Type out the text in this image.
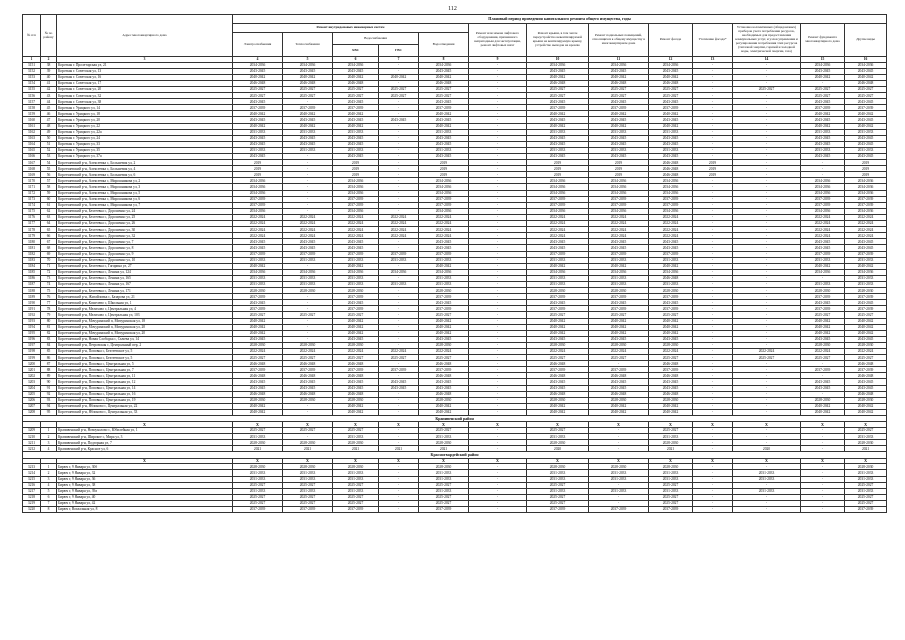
112
№ п/п	№ по району	Адрес многоквартирного дома	Плановый период проведения капитального ремонта общего имущества, годы												
			Ремонт внутридомовых инженерных систем					Ремонт или замена лифтового оборудования, признанного непригодным для эксплуатации, ремонт лифтовых шахт	Ремонт крыши, в том числе переустройство невентилируемой крыши на вентилируемую крышу, устройство выходов на кровлю	Ремонт подвальных помещений, относящихся к общему имуществу в многоквартирном доме	Ремонт фасада	Утепление фасада*	Установка коллективных (общедомовых) приборов учета потребления ресурсов, необходимых для предоставления коммунальных услуг, и узлов управления и регулирования потребления этих ресурсов (тепловой энергии, горячей и холодной воды, электрической энергии, газа)	Ремонт фундамента многоквартирного дома	Другие виды
			Электроснабжения	Теплоснабжения	Водоснабжения		Водоотведения								
					ХВС	ГВС									
1	2	3	4	5	6	7	8	9	10	11	12	13	14	15	16
3151	38	Короткая г. Пролетарская ул, 21	2034-2036	2034-2036	2034-2036	-	2034-2036	-	2034-2036	2034-2036	2034-2036	-	-	2034-2036	2034-2036
3152	39	Короткая г. Советская ул, 13	2043-2045	2043-2045	2043-2045	-	2043-2045	-	2043-2045	2043-2045	2043-2045	-	-	2043-2045	2043-2045
3153	40	Короткая г. Советская ул, 16	2040-2042	2040-2042	2040-2042	2040-2042	2040-2042	-	2040-2042	2040-2042	2040-2042	-	-	2040-2042	2040-2042
3154	41	Короткая г. Советская ул, 17	2046-2048	2046-2048	2046-2048	-	2046-2048	-	2046-2048	2046-2048	2046-2048	-	-	-	2046-2048
3155	42	Короткая г. Советская ул, 20	2025-2027	2025-2027	2025-2027	2025-2027	2025-2027	-	2025-2027	2025-2027	2025-2027	-	2025-2027	2025-2027	2025-2027
3156	43	Короткая г. Советская ул, 32	2025-2027	2025-2027	2025-2027	2025-2027	2025-2027	-	2025-2027	2025-2027	2025-2027	-	-	2025-2027	2025-2027
3157	44	Короткая г. Советская ул, 38	2043-2045	-	2043-2045	-	2043-2045	-	2043-2045	2043-2045	2043-2045	-	-	2043-2045	2043-2045
3158	45	Короткая г. Урицкого ул, 14	2037-2039	2037-2039	2037-2039	-	2037-2039	-	2037-2039	2037-2039	2037-2039	-	-	2037-2039	2037-2039
3159	46	Короткая г. Урицкого ул, 18	2040-2042	2040-2042	2040-2042	-	2040-2042	-	2040-2042	2040-2042	2040-2042	-	-	2040-2042	2040-2042
3160	47	Короткая г. Урицкого ул, 20	2043-2045	2043-2045	2043-2045	2043-2045	2043-2045	-	2043-2045	2043-2045	2043-2045	-	-	2043-2045	2043-2045
3161	48	Короткая г. Урицкого ул, 22	2040-2042	2040-2042	2040-2042	-	2040-2042	-	2040-2042	2040-2042	2040-2042	-	-	2040-2042	2040-2042
3162	49	Короткая г. Урицкого ул, 22а	2031-2033	2031-2033	2031-2033	-	2031-2033	-	2031-2033	2031-2033	2031-2033	-	-	2031-2033	2031-2033
3163	50	Короткая г. Урицкого ул, 24	2043-2045	2043-2045	2043-2045	-	2043-2045	-	2043-2045	2043-2045	2043-2045	-	-	2043-2045	2043-2045
3164	51	Короткая г. Урицкого ул, 33	2043-2045	2043-2045	2043-2045	-	2043-2045	-	2043-2045	2043-2045	2043-2045	-	-	2043-2045	2043-2045
3165	52	Короткая г. Урицкого ул, 35	2031-2033	2031-2033	2031-2033	-	2031-2033	-	2031-2033	2031-2033	2031-2033	-	-	2031-2033	2031-2033
3166	53	Короткая г. Урицкого ул, 37а	2043-2045	-	2043-2045	-	2043-2045	-	2043-2045	2043-2045	2043-2045	-	-	2043-2045	2043-2045
3167	54	Коротчаевский р-н, Алексеевка с, Большевик ул, 2	2019	-	2019	-	2019	-	2019	2019	2046-2048	2019	-	-	2019
3168	55	Коротчаевский р-н, Алексеевка с, Большевик ул, 4	2019	-	2019	-	2019	-	2019	2019	2046-2048	2019	-	-	2019
3169	56	Коротчаевский р-н, Алексеевка с, Большевик ул, 6	2019	-	2019	-	2019	-	2019	2019	2046-2048	2019	-	-	2019
3170	57	Коротчаевский р-н, Алексеевка с, Мирошникова ул, 2	2034-2036	-	2034-2036	-	2034-2036	-	2034-2036	2034-2036	2034-2036	-	-	2034-2036	2034-2036
3171	58	Коротчаевский р-н, Алексеевка с, Мирошникова ул, 3	2034-2036	-	2034-2036	-	2034-2036	-	2034-2036	2034-2036	2034-2036	-	-	2034-2036	2034-2036
3172	59	Коротчаевский р-н, Алексеевка с, Мирошникова ул, 5	2034-2036	-	2034-2036	-	2034-2036	-	2034-2036	2034-2036	2034-2036	-	-	2034-2036	2034-2036
3173	60	Коротчаевский р-н, Алексеевка с, Мирошникова ул, 6	2037-2039	-	2037-2039	-	2037-2039	-	2037-2039	2037-2039	2037-2039	-	-	2037-2039	2037-2039
3174	61	Коротчаевский р-н, Алексеевка с, Мирошникова ул, 7	2037-2039	-	2037-2039	-	2037-2039	-	2037-2039	2037-2039	2037-2039	-	-	2037-2039	2037-2039
3175	62	Коротчаевский р-н, Бехтеевка с, Дорошенко ул, 24	2034-2036	-	2034-2036	-	2034-2036	-	2034-2036	2034-2036	2034-2036	-	-	2034-2036	2034-2036
3176	63	Коротчаевский р-н, Бехтеевка с, Дорошенко ул, 25	2022-2024	2022-2024	2022-2024	2022-2024	2022-2024	-	2022-2024	2022-2024	2022-2024	-	-	2022-2024	2022-2024
3177	64	Коротчаевский р-н, Бехтеевка с, Дорошенко ул, 26	2022-2024	2022-2024	2022-2024	2022-2024	2022-2024	-	2022-2024	2022-2024	2022-2024	-	-	2022-2024	2022-2024
3178	65	Коротчаевский р-н, Бехтеевка с, Дорошенко ул, 30	2022-2024	2022-2024	2022-2024	2022-2024	2022-2024	-	2022-2024	2022-2024	2022-2024	-	-	2022-2024	2022-2024
3179	66	Коротчаевский р-н, Бехтеевка с, Дорошенко ул, 32	2022-2024	2022-2024	2022-2024	2022-2024	2022-2024	-	2022-2024	2022-2024	2022-2024	-	-	2022-2024	2022-2024
3180	67	Коротчаевский р-н, Бехтеевка с, Дорошенко ул, 7	2043-2045	2043-2045	2043-2045	-	2043-2045	-	2043-2045	2043-2045	2043-2045	-	-	2043-2045	2043-2045
3181	68	Коротчаевский р-н, Бехтеевка с, Дорошенко ул, 8	2043-2045	2043-2045	2043-2045	-	2043-2045	-	2043-2045	2043-2045	2043-2045	-	-	2043-2045	2043-2045
3182	69	Коротчаевский р-н, Бехтеевка с, Дорошенко ул, 9	2037-2039	2037-2039	2037-2039	2037-2039	2037-2039	-	2037-2039	2037-2039	2037-2039	-	-	2037-2039	2037-2039
3183	70	Коротчаевский р-н, Бехтеевка с, Дорошенко ул, 10	2031-2033	2031-2033	2031-2033	2031-2033	2031-2033	-	2031-2033	2031-2033	2031-2033	-	-	2031-2033	2031-2033
3184	71	Коротчаевский р-н, Бехтеевка с, Гагарина ул, 27	2040-2042	-	2040-2042	-	2040-2042	-	2040-2042	2040-2042	2040-2042	-	-	2040-2042	2040-2042
3185	72	Коротчаевский р-н, Бехтеевка с, Ленина ул, 124	2034-2036	2034-2036	2034-2036	2034-2036	2034-2036	-	2034-2036	2034-2036	2034-2036	-	-	2034-2036	2034-2036
3186	73	Коротчаевский р-н, Бехтеевка с, Ленина ул, 165	2031-2033	2031-2033	2031-2033	-	2031-2033	-	2031-2033	2031-2033	2046-2048	-	-	-	2031-2033
3187	74	Коротчаевский р-н, Бехтеевка с, Ленина ул, 167	2031-2033	2031-2033	2031-2033	2031-2033	2031-2033	-	2031-2033	2031-2033	2031-2033	-	-	2031-2033	2031-2033
3188	75	Коротчаевский р-н, Бехтеевка с, Ленина ул, 171	2028-2030	2028-2030	2028-2030	-	2028-2030	-	2028-2030	2028-2030	2028-2030	-	-	2028-2030	2028-2030
3189	76	Коротчаевский р-н, Жигайловка с, Базарова ул, 21	2037-2039	-	2037-2039	-	2037-2039	-	2037-2039	2037-2039	2037-2039	-	-	2037-2039	2037-2039
3190	77	Коротчаевский р-н, Кошелево с, Школьная ул, 1	2043-2045	-	2043-2045	-	2043-2045	-	2043-2045	2043-2045	2043-2045	-	-	2043-2045	2043-2045
3191	78	Коротчаевский р-н, Мелихово с, Центральная ул, 4	2037-2039	-	2037-2039	-	2037-2039	-	2037-2039	2037-2039	2037-2039	-	-	2037-2039	2037-2039
3192	79	Коротчаевский р-н, Мелихово с, Центральная ул, 103	2025-2027	2025-2027	2025-2027	-	2025-2027	-	2025-2027	2025-2027	2025-2027	-	-	2025-2027	2025-2027
3193	80	Коротчаевский р-н, Мочуринский п, Мичуринская ул, 18	2040-2042	-	2040-2042	-	2040-2042	-	2040-2042	2040-2042	2040-2042	-	-	2040-2042	2040-2042
3194	81	Коротчаевский р-н, Мочуринский п, Мичуринская ул, 20	2040-2042	-	2040-2042	-	2040-2042	-	2040-2042	2040-2042	2040-2042	-	-	2040-2042	2040-2042
3195	82	Коротчаевский р-н, Мочуринский п, Мичуринская ул, 20	2040-2042	-	2040-2042	-	2040-2042	-	2040-2042	2040-2042	2040-2042	-	-	2040-2042	2040-2042
3196	83	Коротчаевский р-н, Новая Слободка с, Сычева ул, 14	2043-2045	-	2043-2045	-	2043-2045	-	2043-2045	2043-2045	2043-2045	-	-	2043-2045	2043-2045
3197	84	Коротчаевский р-н, Петровская с, Центральный пер, 2	2028-2030	2028-2030	2028-2030	-	2028-2030	-	2028-2030	2028-2030	2028-2030	-	-	2028-2030	2028-2030
3198	85	Коротчаевский р-н, Поповка с, Бехтеевское ул, 5	2022-2024	2022-2024	2022-2024	2022-2024	2022-2024	-	2022-2024	2022-2024	2022-2024	-	2022-2024	2022-2024	2022-2024
3199	86	Коротчаевский р-н, Поповка с, Бехтеевское ул, 5	2025-2027	2025-2027	2025-2027	2025-2027	2025-2027	-	2025-2027	2025-2027	2025-2027	-	2025-2027	2025-2027	2025-2027
3200	87	Коротчаевский р-н, Поповка с, Центральная ул, 5	2046-2048	2046-2048	2046-2048	-	2046-2048	-	2046-2048	-	2046-2048	-	-	-	2046-2048
3201	88	Коротчаевский р-н, Поповка с, Центральная ул, 7	2037-2039	2037-2039	2037-2039	2037-2039	2037-2039	-	2037-2039	2037-2039	2037-2039	-	-	2037-2039	2037-2039
3202	89	Коротчаевский р-н, Поповка с, Центральная ул, 11	2046-2048	2046-2048	2046-2048	-	2046-2048	-	2046-2048	2046-2048	2046-2048	-	-	-	2046-2048
3203	90	Коротчаевский р-н, Поповка с, Центральная ул, 12	2043-2045	2043-2045	2043-2045	2043-2045	2043-2045	-	2043-2045	2043-2045	2043-2045	-	-	2043-2045	2043-2045
3204	91	Коротчаевский р-н, Поповка с, Центральная ул, 14	2043-2045	2043-2045	2043-2045	2043-2045	2043-2045	-	2043-2045	2043-2045	2043-2045	-	-	2043-2045	2043-2045
3205	92	Коротчаевский р-н, Поповка с, Центральная ул, 16	2046-2048	2046-2048	2046-2048	-	2046-2048	-	2046-2048	2046-2048	2046-2048	-	-	-	2046-2048
3206	93	Коротчаевский р-н, Поповка с, Центральная ул, 19	2028-2030	2028-2030	2028-2030	-	2028-2030	-	2028-2030	2028-2030	2028-2030	-	-	2028-2030	2028-2030
3207	94	Коротчаевский р-н, Яблоново с, Центральная ул, 22	2040-2042	-	2040-2042	-	2040-2042	-	2040-2042	2040-2042	2040-2042	-	-	2040-2042	2040-2042
3208	95	Коротчаевский р-н, Яблоново с, Центральная ул, 33	2040-2042	-	2040-2042	-	2040-2042	-	2040-2042	2040-2042	2040-2042	-	-	2040-2042	2040-2042
Крапивенский район															
		X	X	X	X	X	X	X	X	X	X	X	X	X	X
3209	1	Крапивенский р-н, Новоуколово с, Юбилейная ул, 1	2025-2027	2025-2027	2025-2027	-	2025-2027	-	2025-2027	-	2025-2027	-	-	-	2025-2027
3210	2	Крапивенский р-н, Широкое с, Мира ул, 3	2031-2033	-	2031-2033	-	2031-2033	-	2031-2033	-	2031-2033	-	-	-	2031-2033
3211	3	Крапивенский р-н, Подгорная ул, 7	2028-2030	2028-2030	2028-2030	-	2028-2030	-	2028-2030	-	2028-2030	-	-	-	2028-2030
3212	4	Крапивенский р-н, Красное ул, 6	2021	2021	2021	2021	2021	-	2020	-	2021	-	2020	-	2021
Красногвардейский район															
		X	X	X	X	X	X	X	X	X	X	X	X	X	X
3213	1	Бирюч г, 9 Января ул, 30б	2028-2030	2028-2030	2028-2030	-	2028-2030	-	2028-2030	2028-2030	2028-2030	-	-	-	2028-2030
3214	2	Бирюч г, 9 Января ул, 32	2031-2033	2031-2033	2031-2033	-	2031-2033	-	2031-2033	2031-2033	2031-2033	-	2031-2033	-	2031-2033
3215	3	Бирюч г, 9 Января ул, 36	2031-2033	2031-2033	2031-2033	-	2031-2033	-	2031-2033	2031-2033	2031-2033	-	2031-2033	-	2031-2033
3216	4	Бирюч г, 9 Января ул, 38	2025-2027	2025-2027	2025-2027	-	2025-2027	-	2025-2027	-	2025-2027	-	-	-	2025-2027
3217	5	Бирюч г, 9 Января ул, 39а	2031-2033	2031-2033	2031-2033	-	2031-2033	-	2031-2033	2031-2033	2031-2033	-	2031-2033	-	2031-2033
3218	6	Бирюч г, 9 Января ул, 40	2025-2027	2025-2027	2025-2027	-	2025-2027	-	2025-2027	-	2025-2027	-	-	-	2025-2027
3219	7	Бирюч г, 9 Января ул, 42	2025-2027	2025-2027	2025-2027	-	2025-2027	-	2025-2027	-	2025-2027	-	-	-	2025-2027
3220	8	Бирюч г, Вокзальная ул, 8	2037-2039	2037-2039	2037-2039	-	2037-2039	-	2037-2039	2037-2039	2037-2039	-	-	-	2037-2039
